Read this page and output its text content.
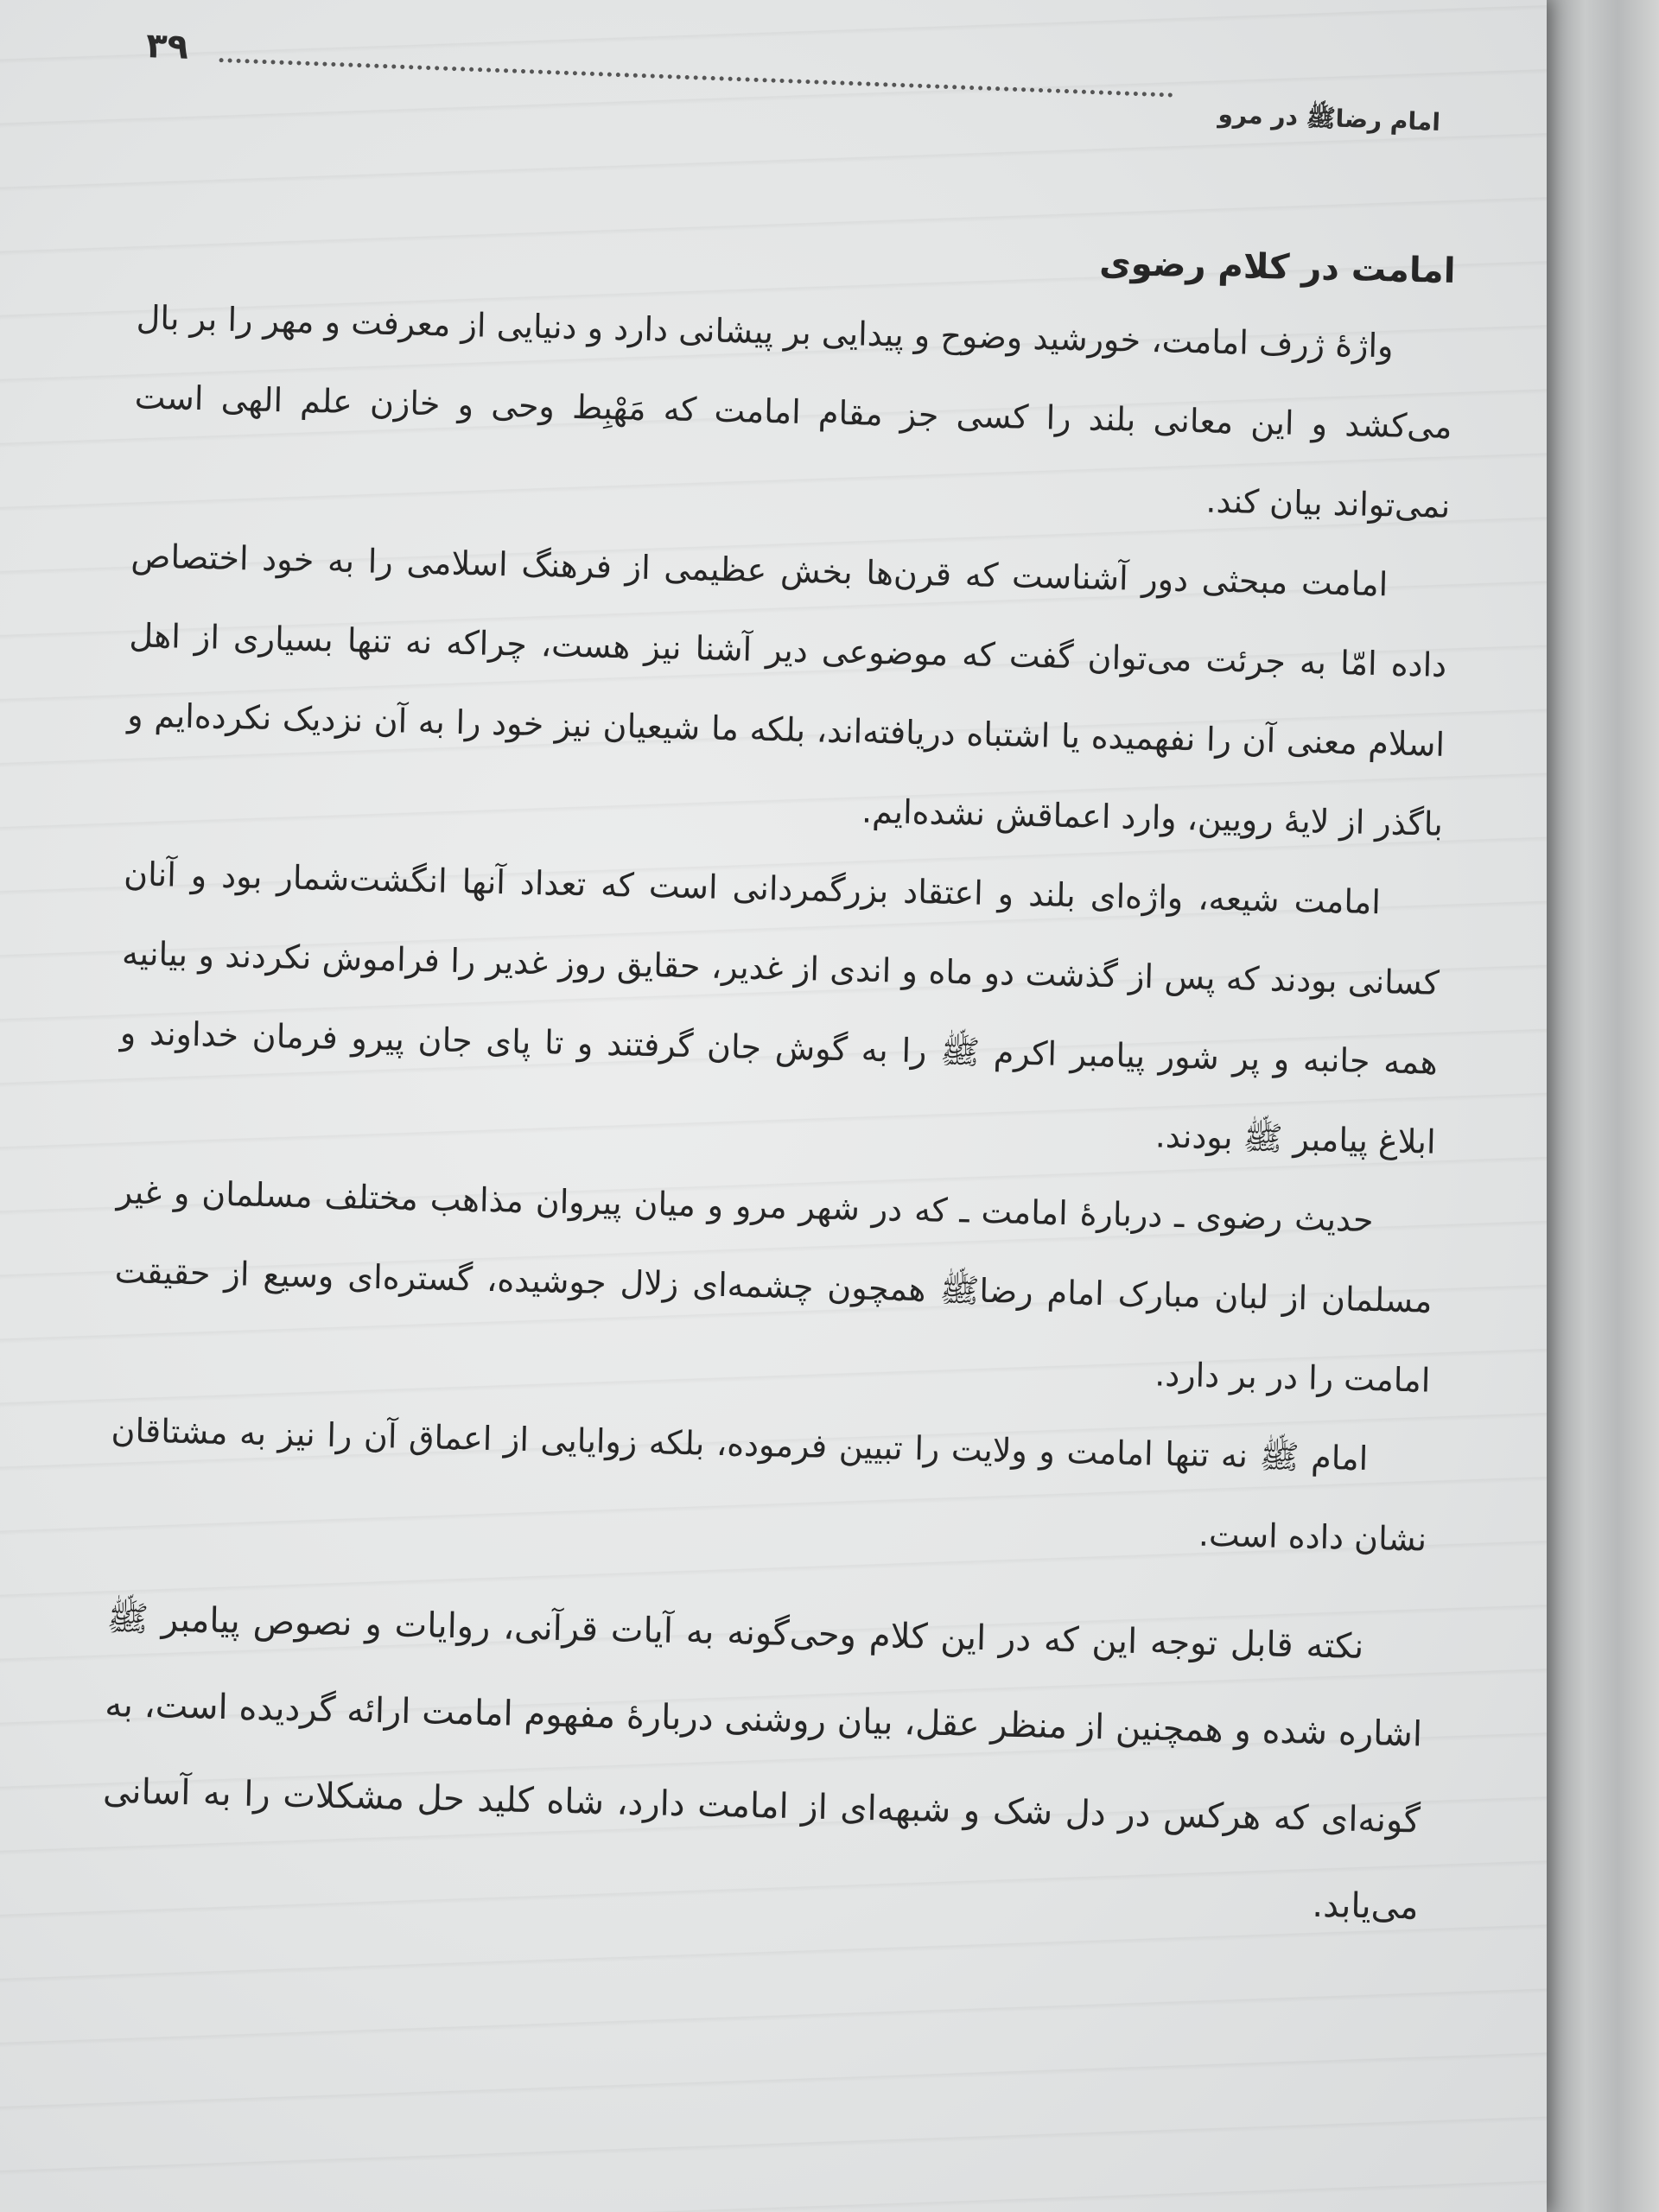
۳۹
امام رضاﷺ در مرو
امامت در کلام رضوی

واژهٔ ژرف امامت، خورشید وضوح و پیدایی بر پیشانی دارد و دنیایی از معرفت و مهر را بر بال می‌کشد و این معانی بلند را کسی جز مقام امامت که مَهْبِط وحی و خازن علم الهی است نمی‌تواند بیان کند.

امامت مبحثی دور آشناست که قرن‌ها بخش عظیمی از فرهنگ اسلامی را به خود اختصاص داده امّا به جرئت می‌توان گفت که موضوعی دیر آشنا نیز هست، چراکه نه تنها بسیاری از اهل اسلام معنی آن را نفهمیده یا اشتباه دریافته‌اند، بلکه ما شیعیان نیز خود را به آن نزدیک نکرده‌ایم و باگذر از لایهٔ رویین، وارد اعماقش نشده‌ایم.

امامت شیعه، واژه‌ای بلند و اعتقاد بزرگمردانی است که تعداد آنها انگشت‌شمار بود و آنان کسانی بودند که پس از گذشت دو ماه و اندی از غدیر، حقایق روز غدیر را فراموش نکردند و بیانیه همه جانبه و پر شور پیامبر اکرم ﷺ را به گوش جان گرفتند و تا پای جان پیرو فرمان خداوند و ابلاغ پیامبر ﷺ بودند.

حدیث رضوی ـ دربارهٔ امامت ـ که در شهر مرو و میان پیروان مذاهب مختلف مسلمان و غیر مسلمان از لبان مبارک امام رضاﷺ همچون چشمه‌ای زلال جوشیده، گستره‌ای وسیع از حقیقت امامت را در بر دارد.

امام ﷺ نه تنها امامت و ولایت را تبیین فرموده، بلکه زوایایی از اعماق آن را نیز به مشتاقان نشان داده است.

نکته قابل توجه این که در این کلام وحی‌گونه به آیات قرآنی، روایات و نصوص پیامبر ﷺ اشاره شده و همچنین از منظر عقل، بیان روشنی دربارهٔ مفهوم امامت ارائه گردیده است، به گونه‌ای که هرکس در دل شک و شبهه‌ای از امامت دارد، شاه کلید حل مشکلات را به آسانی می‌یابد.
